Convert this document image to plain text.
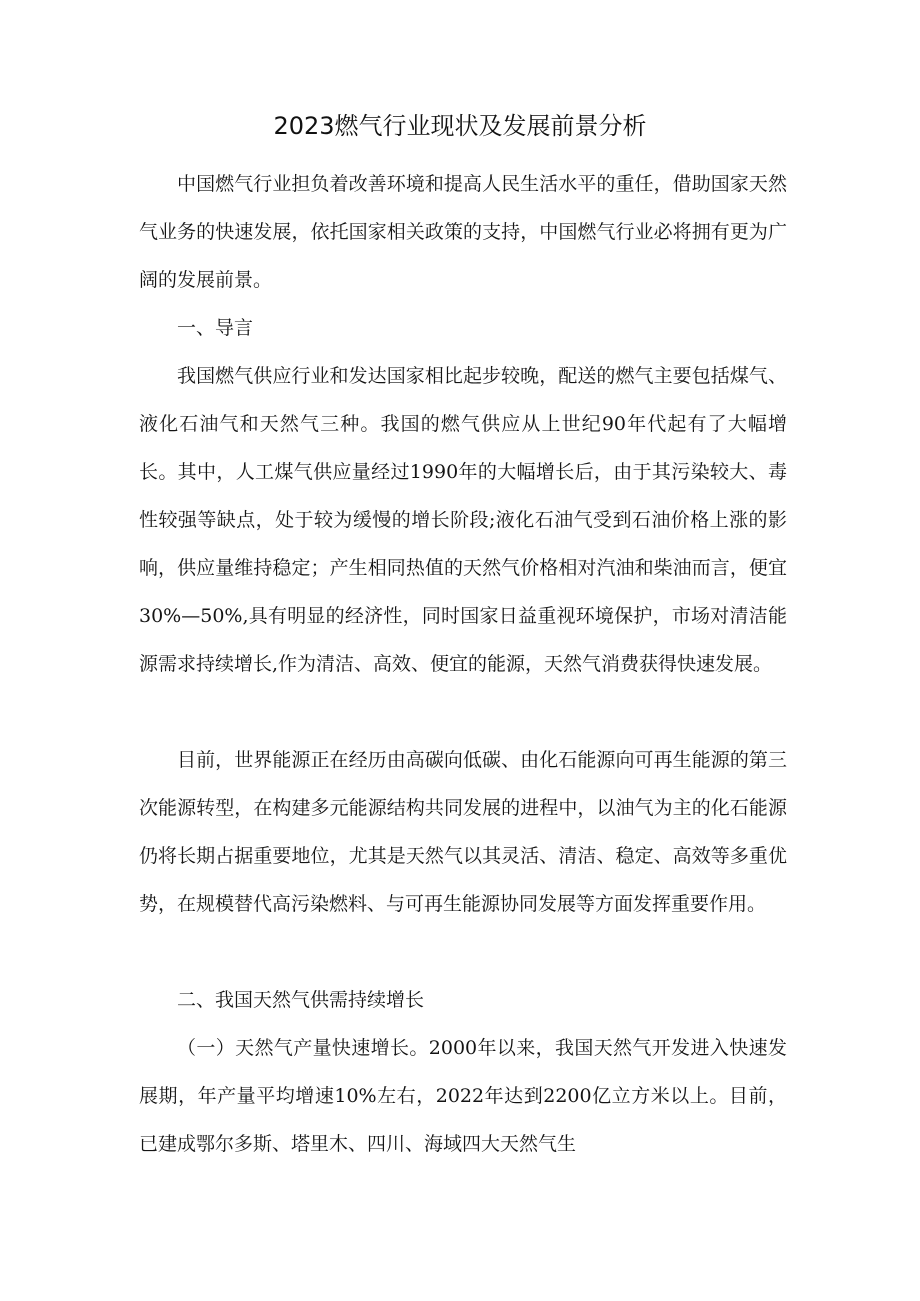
2023燃气行业现状及发展前景分析

中国燃气行业担负着改善环境和提高人民生活水平的重任，借助国家天然气业务的快速发展，依托国家相关政策的支持，中国燃气行业必将拥有更为广阔的发展前景。

一、导言

我国燃气供应行业和发达国家相比起步较晚，配送的燃气主要包括煤气、液化石油气和天然气三种。我国的燃气供应从上世纪90年代起有了大幅增长。其中，人工煤气供应量经过1990年的大幅增长后，由于其污染较大、毒性较强等缺点，处于较为缓慢的增长阶段;液化石油气受到石油价格上涨的影响，供应量维持稳定；产生相同热值的天然气价格相对汽油和柴油而言，便宜30%—50%,具有明显的经济性，同时国家日益重视环境保护，市场对清洁能源需求持续增长,作为清洁、高效、便宜的能源，天然气消费获得快速发展。

目前，世界能源正在经历由高碳向低碳、由化石能源向可再生能源的第三次能源转型，在构建多元能源结构共同发展的进程中，以油气为主的化石能源仍将长期占据重要地位，尤其是天然气以其灵活、清洁、稳定、高效等多重优势，在规模替代高污染燃料、与可再生能源协同发展等方面发挥重要作用。

二、我国天然气供需持续增长

（一）天然气产量快速增长。2000年以来，我国天然气开发进入快速发展期，年产量平均增速10%左右，2022年达到2200亿立方米以上。目前，已建成鄂尔多斯、塔里木、四川、海域四大天然气生
